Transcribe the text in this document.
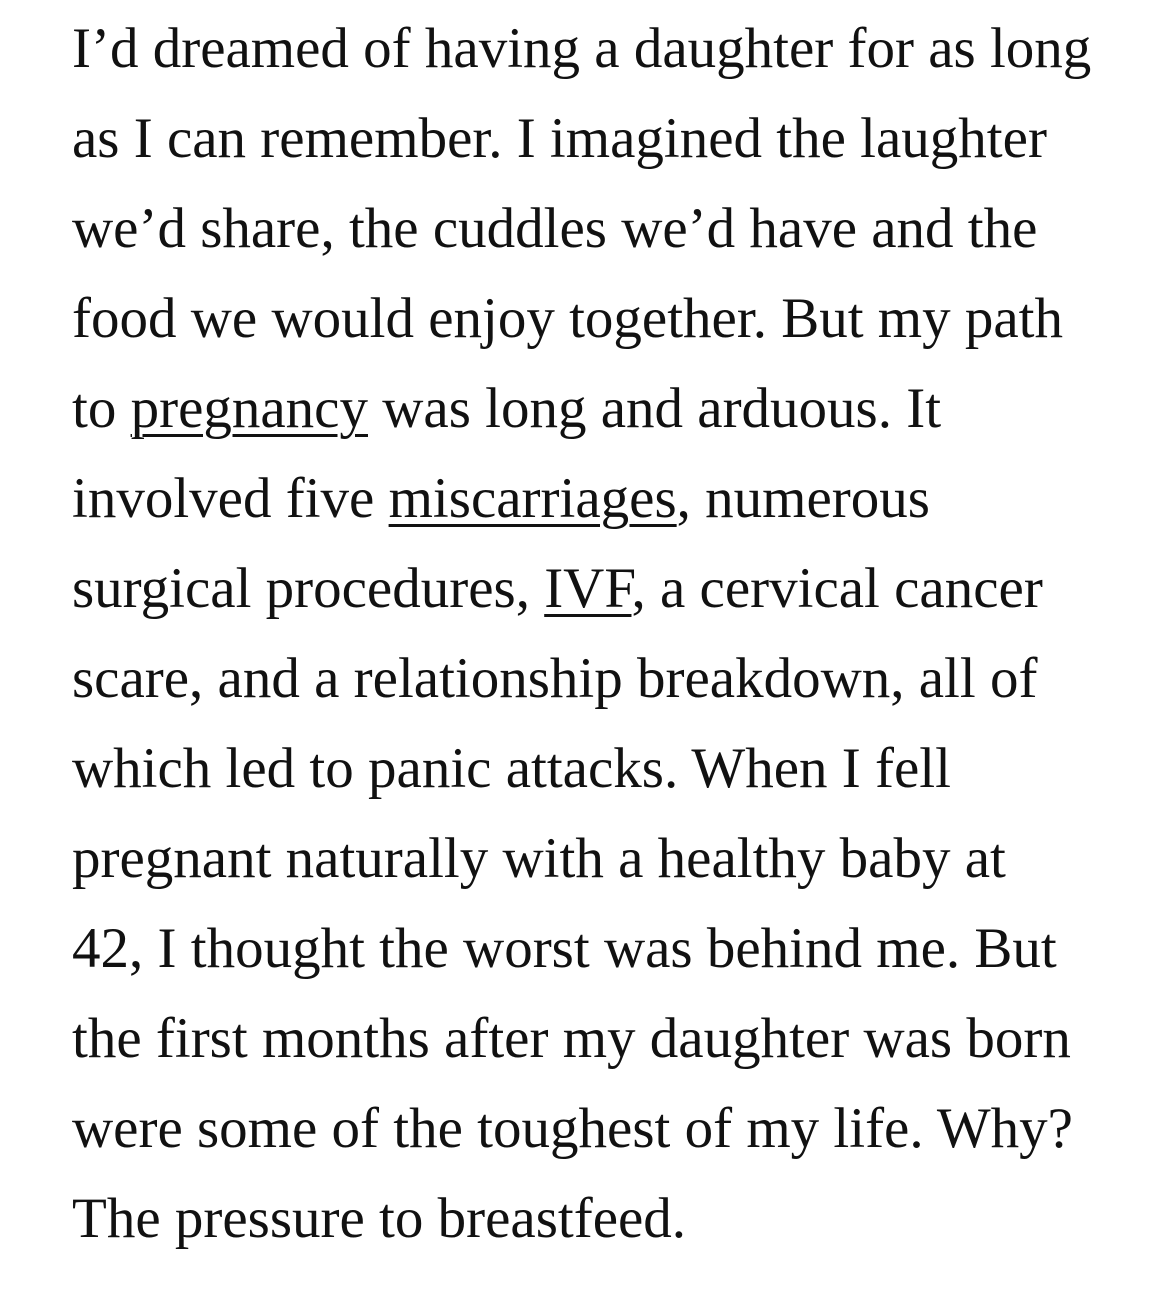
I’d dreamed of having a daughter for as long
as I can remember. I imagined the laughter
we’d share, the cuddles we’d have and the
food we would enjoy together. But my path
to pregnancy was long and arduous. It
involved five miscarriages, numerous
surgical procedures, IVF, a cervical cancer
scare, and a relationship breakdown, all of
which led to panic attacks. When I fell
pregnant naturally with a healthy baby at
42, I thought the worst was behind me. But
the first months after my daughter was born
were some of the toughest of my life. Why?
The pressure to breastfeed.
